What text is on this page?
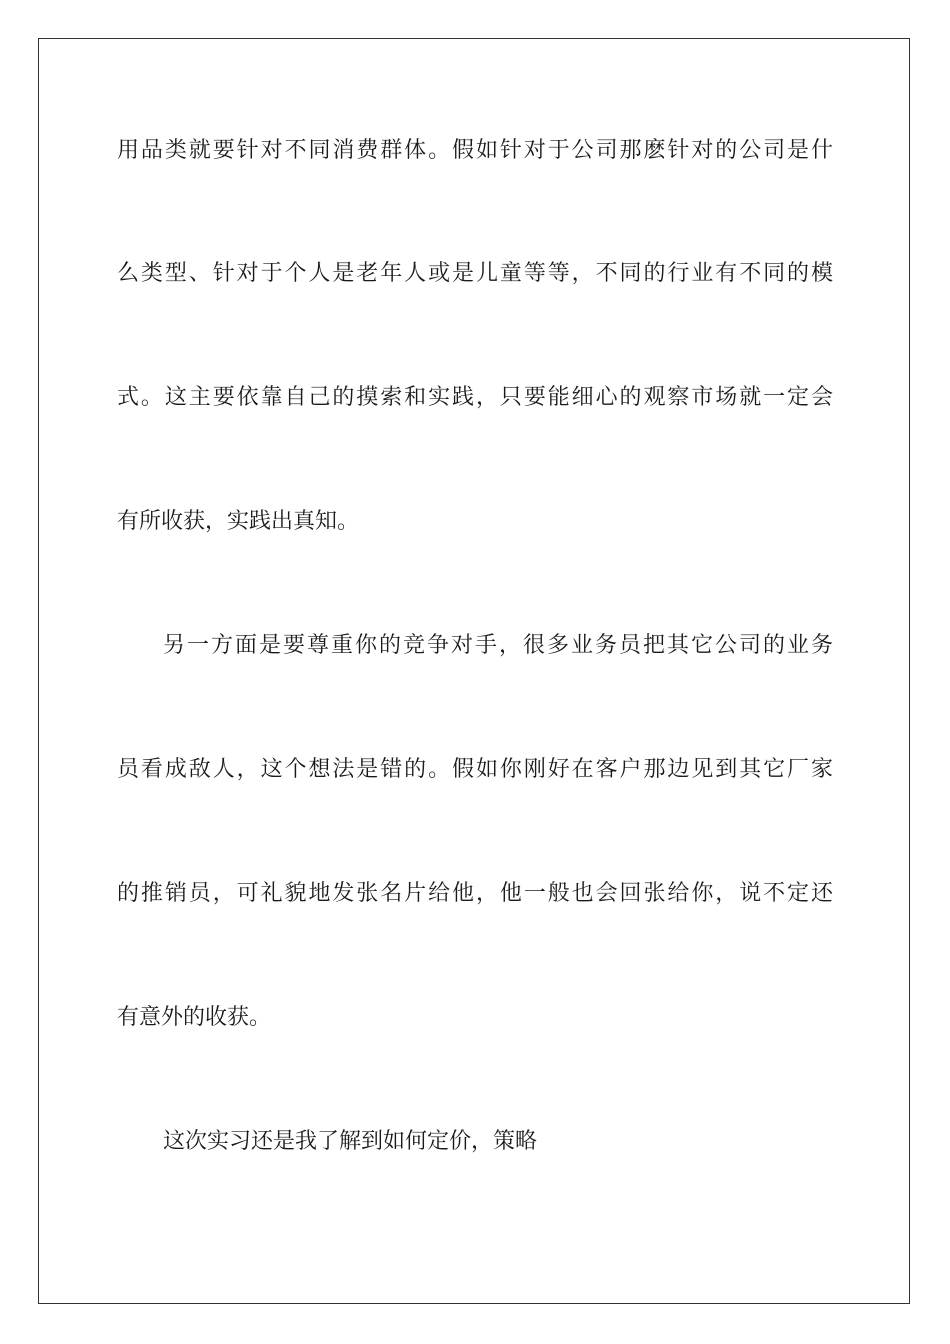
用品类就要针对不同消费群体。假如针对于公司那麽针对的公司是什
么类型、针对于个人是老年人或是儿童等等，不同的行业有不同的模
式。这主要依靠自己的摸索和实践，只要能细心的观察市场就一定会
有所收获，实践出真知。
另一方面是要尊重你的竞争对手，很多业务员把其它公司的业务
员看成敌人，这个想法是错的。假如你刚好在客户那边见到其它厂家
的推销员，可礼貌地发张名片给他，他一般也会回张给你，说不定还
有意外的收获。
这次实习还是我了解到如何定价，策略
